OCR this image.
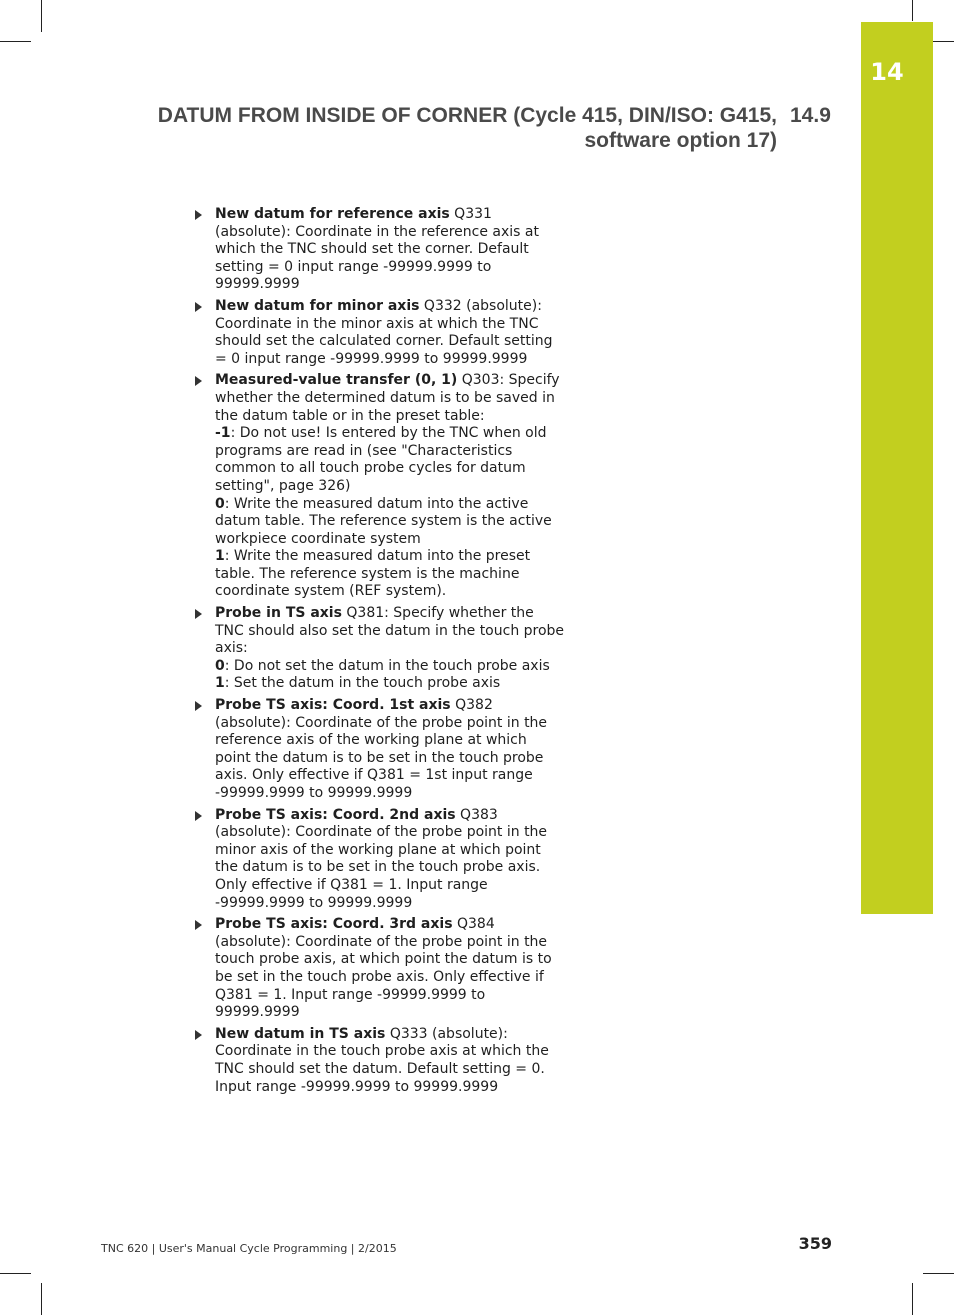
14
DATUM FROM INSIDE OF CORNER (Cycle 415, DIN/ISO: G415,
software option 17)
14.9

New datum for reference axis Q331 (absolute): Coordinate in the reference axis at which the TNC should set the corner. Default setting = 0 input range -99999.9999 to 99999.9999

New datum for minor axis Q332 (absolute): Coordinate in the minor axis at which the TNC should set the calculated corner. Default setting = 0 input range -99999.9999 to 99999.9999

Measured-value transfer (0, 1) Q303: Specify whether the determined datum is to be saved in the datum table or in the preset table:

-1: Do not use! Is entered by the TNC when old programs are read in (see "Characteristics common to all touch probe cycles for datum setting", page 326)

0: Write the measured datum into the active datum table. The reference system is the active workpiece coordinate system

1: Write the measured datum into the preset table. The reference system is the machine coordinate system (REF system).

Probe in TS axis Q381: Specify whether the TNC should also set the datum in the touch probe axis:

0: Do not set the datum in the touch probe axis

1: Set the datum in the touch probe axis

Probe TS axis: Coord. 1st axis Q382 (absolute): Coordinate of the probe point in the reference axis of the working plane at which point the datum is to be set in the touch probe axis. Only effective if Q381 = 1st input range -99999.9999 to 99999.9999

Probe TS axis: Coord. 2nd axis Q383 (absolute): Coordinate of the probe point in the minor axis of the working plane at which point the datum is to be set in the touch probe axis. Only effective if Q381 = 1. Input range -99999.9999 to 99999.9999

Probe TS axis: Coord. 3rd axis Q384 (absolute): Coordinate of the probe point in the touch probe axis, at which point the datum is to be set in the touch probe axis. Only effective if Q381 = 1. Input range -99999.9999 to 99999.9999

New datum in TS axis Q333 (absolute): Coordinate in the touch probe axis at which the TNC should set the datum. Default setting = 0. Input range -99999.9999 to 99999.9999

TNC 620 | User's Manual Cycle Programming | 2/2015	359
